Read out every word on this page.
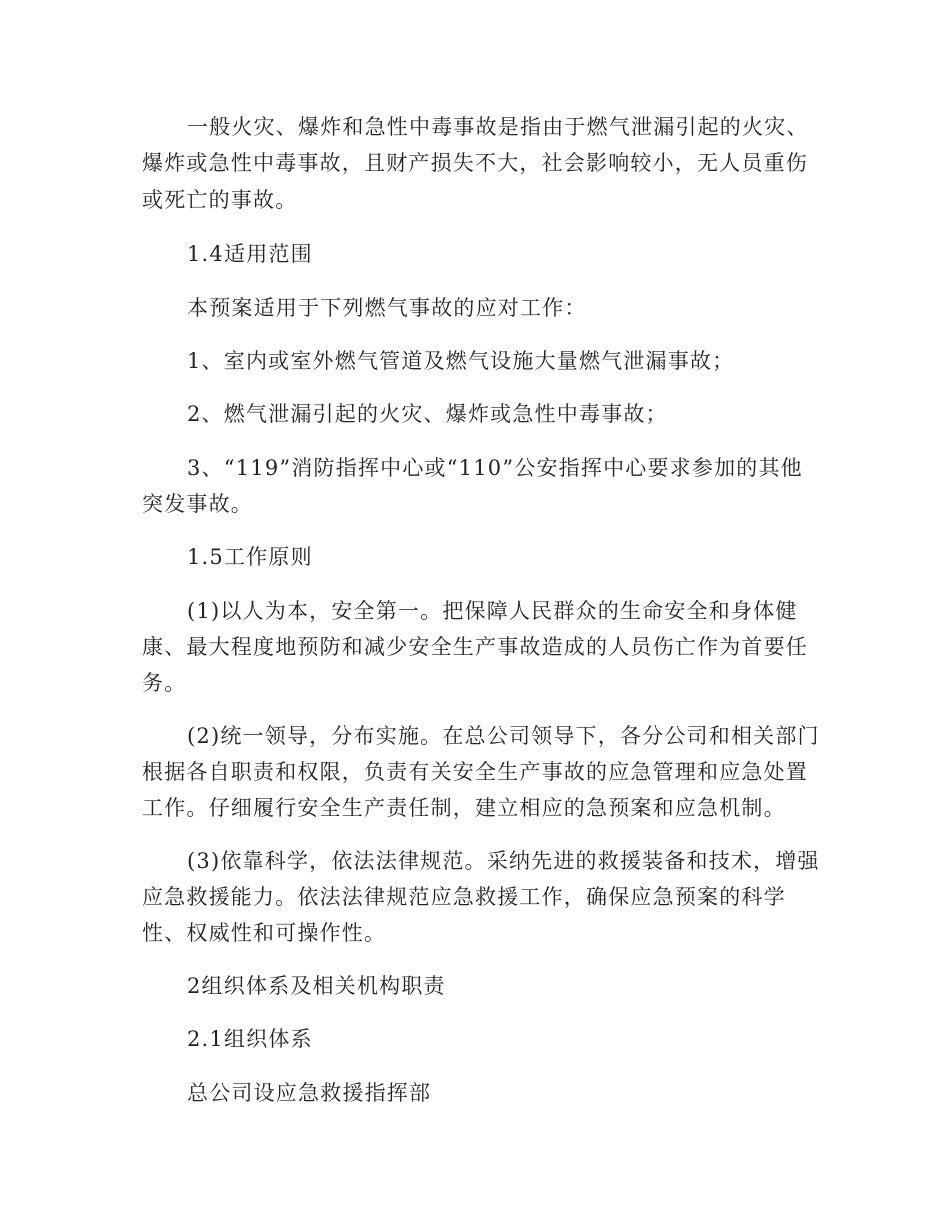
一般火灾、爆炸和急性中毒事故是指由于燃气泄漏引起的火灾、
爆炸或急性中毒事故，且财产损失不大，社会影响较小，无人员重伤
或死亡的事故。
1.4适用范围
本预案适用于下列燃气事故的应对工作：
1、室内或室外燃气管道及燃气设施大量燃气泄漏事故；
2、燃气泄漏引起的火灾、爆炸或急性中毒事故；
3、“119”消防指挥中心或“110”公安指挥中心要求参加的其他
突发事故。
1.5工作原则
(1)以人为本，安全第一。把保障人民群众的生命安全和身体健
康、最大程度地预防和减少安全生产事故造成的人员伤亡作为首要任
务。
(2)统一领导，分布实施。在总公司领导下，各分公司和相关部门
根据各自职责和权限，负责有关安全生产事故的应急管理和应急处置
工作。仔细履行安全生产责任制，建立相应的急预案和应急机制。
(3)依靠科学，依法法律规范。采纳先进的救援装备和技术，增强
应急救援能力。依法法律规范应急救援工作，确保应急预案的科学
性、权威性和可操作性。
2组织体系及相关机构职责
2.1组织体系
总公司设应急救援指挥部
